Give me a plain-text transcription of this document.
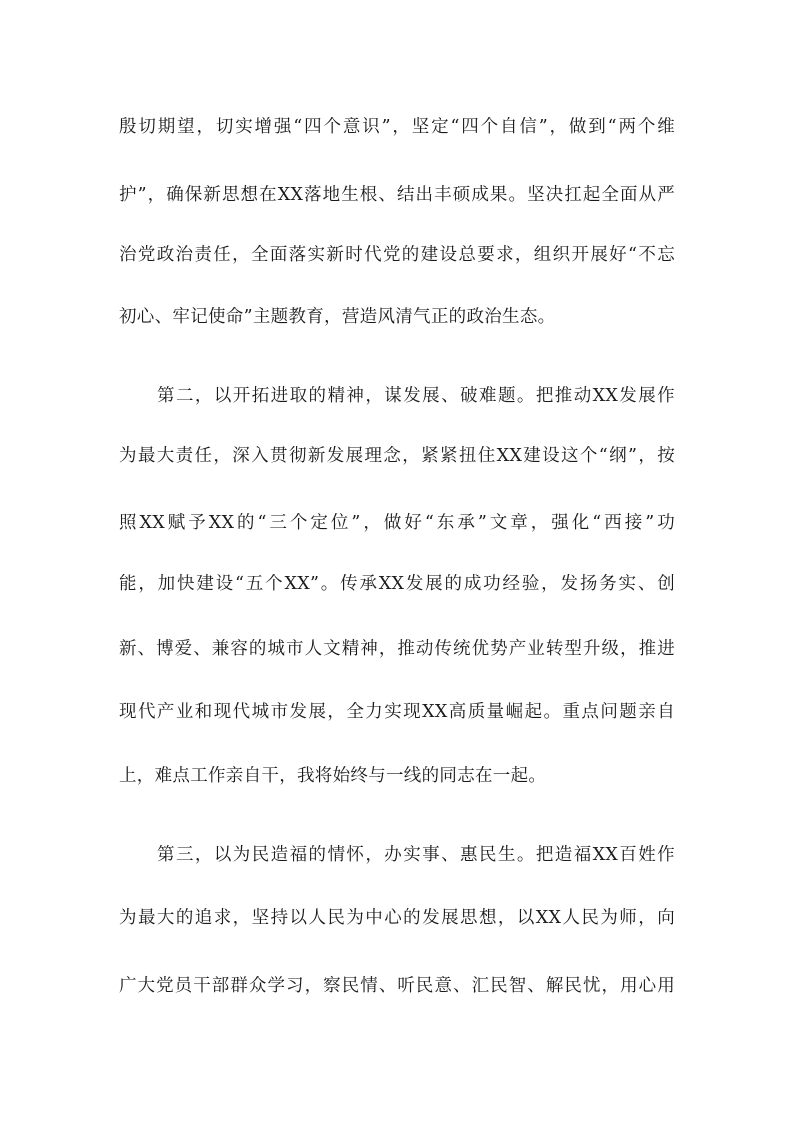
殷切期望，切实增强“四个意识”，坚定“四个自信”，做到“两个维
护”，确保新思想在XX落地生根、结出丰硕成果。坚决扛起全面从严
治党政治责任，全面落实新时代党的建设总要求，组织开展好“不忘
初心、牢记使命”主题教育，营造风清气正的政治生态。
第二，以开拓进取的精神，谋发展、破难题。把推动XX发展作
为最大责任，深入贯彻新发展理念，紧紧扭住XX建设这个“纲”，按
照XX赋予XX的“三个定位”，做好“东承”文章，强化“西接”功
能，加快建设“五个XX”。传承XX发展的成功经验，发扬务实、创
新、博爱、兼容的城市人文精神，推动传统优势产业转型升级，推进
现代产业和现代城市发展，全力实现XX高质量崛起。重点问题亲自
上，难点工作亲自干，我将始终与一线的同志在一起。
第三，以为民造福的情怀，办实事、惠民生。把造福XX百姓作
为最大的追求，坚持以人民为中心的发展思想，以XX人民为师，向
广大党员干部群众学习，察民情、听民意、汇民智、解民忧，用心用
